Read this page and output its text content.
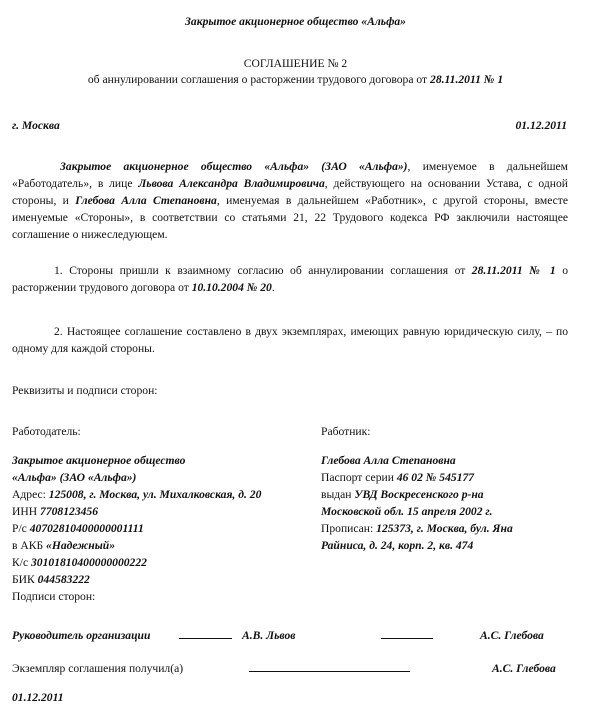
Закрытое акционерное общество «Альфа»
СОГЛАШЕНИЕ № 2
об аннулировании соглашения о расторжении трудового договора от 28.11.2011 № 1
г. Москва	01.12.2011
Закрытое акционерное общество «Альфа» (ЗАО «Альфа»), именуемое в дальнейшем «Работодатель», в лице Львова Александра Владимировича, действующего на основании Устава, с одной стороны, и Глебова Алла Степановна, именуемая в дальнейшем «Работник», с другой стороны, вместе именуемые «Стороны», в соответствии со статьями 21, 22 Трудового кодекса РФ заключили настоящее соглашение о нижеследующем.
1. Стороны пришли к взаимному согласию об аннулировании соглашения от 28.11.2011 № 1 о расторжении трудового договора от 10.10.2004 № 20.
2. Настоящее соглашение составлено в двух экземплярах, имеющих равную юридическую силу, – по одному для каждой стороны.
Реквизиты и подписи сторон:
Работодатель:
Закрытое акционерное общество
«Альфа» (ЗАО «Альфа»)
Адрес: 125008, г. Москва, ул. Михалковская, д. 20
ИНН 7708123456
Р/с 40702810400000001111
в АКБ «Надежный»
К/с 30101810400000000222
БИК 044583222
Работник:
Глебова Алла Степановна
Паспорт серии 46 02 № 545177
выдан УВД Воскресенского р-на
Московской обл. 15 апреля 2002 г.
Прописан: 125373, г. Москва, бул. Яна
Райниса, д. 24, корп. 2, кв. 474
Подписи сторон:
Руководитель организации	А.В. Львов	А.С. Глебова
Экземпляр соглашения получил(а)	А.С. Глебова
01.12.2011
